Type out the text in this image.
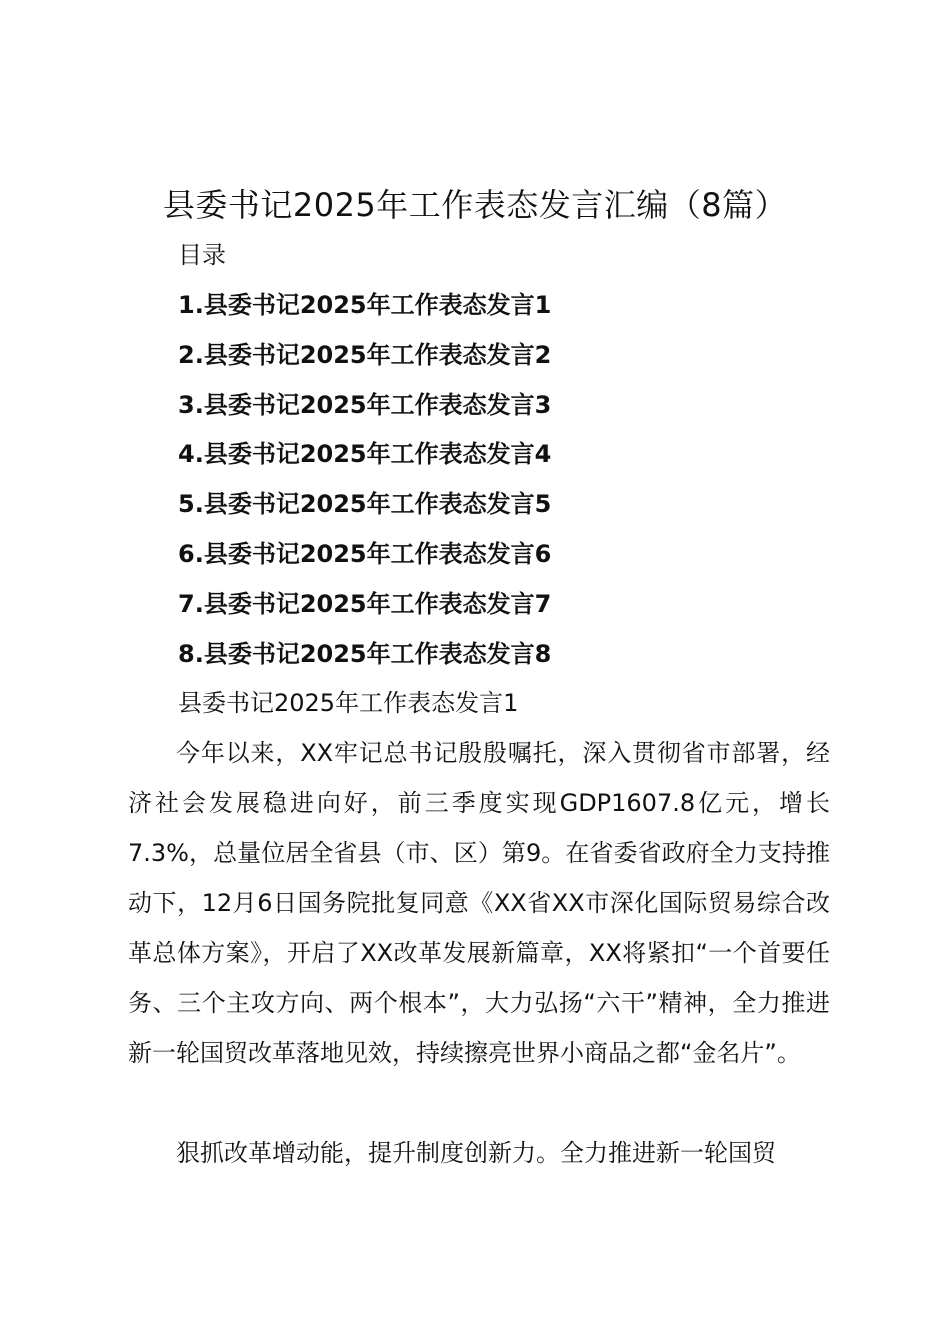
县委书记2025年工作表态发言汇编（8篇）
目录
1.县委书记2025年工作表态发言1
2.县委书记2025年工作表态发言2
3.县委书记2025年工作表态发言3
4.县委书记2025年工作表态发言4
5.县委书记2025年工作表态发言5
6.县委书记2025年工作表态发言6
7.县委书记2025年工作表态发言7
8.县委书记2025年工作表态发言8
县委书记2025年工作表态发言1

今年以来，XX牢记总书记殷殷嘱托，深入贯彻省市部署，经济社会发展稳进向好，前三季度实现GDP1607.8亿元，增长7.3%，总量位居全省县（市、区）第9。在省委省政府全力支持推动下，12月6日国务院批复同意《XX省XX市深化国际贸易综合改革总体方案》，开启了XX改革发展新篇章，XX将紧扣“一个首要任务、三个主攻方向、两个根本”，大力弘扬“六干”精神，全力推进新一轮国贸改革落地见效，持续擦亮世界小商品之都“金名片”。

狠抓改革增动能，提升制度创新力。全力推进新一轮国贸
